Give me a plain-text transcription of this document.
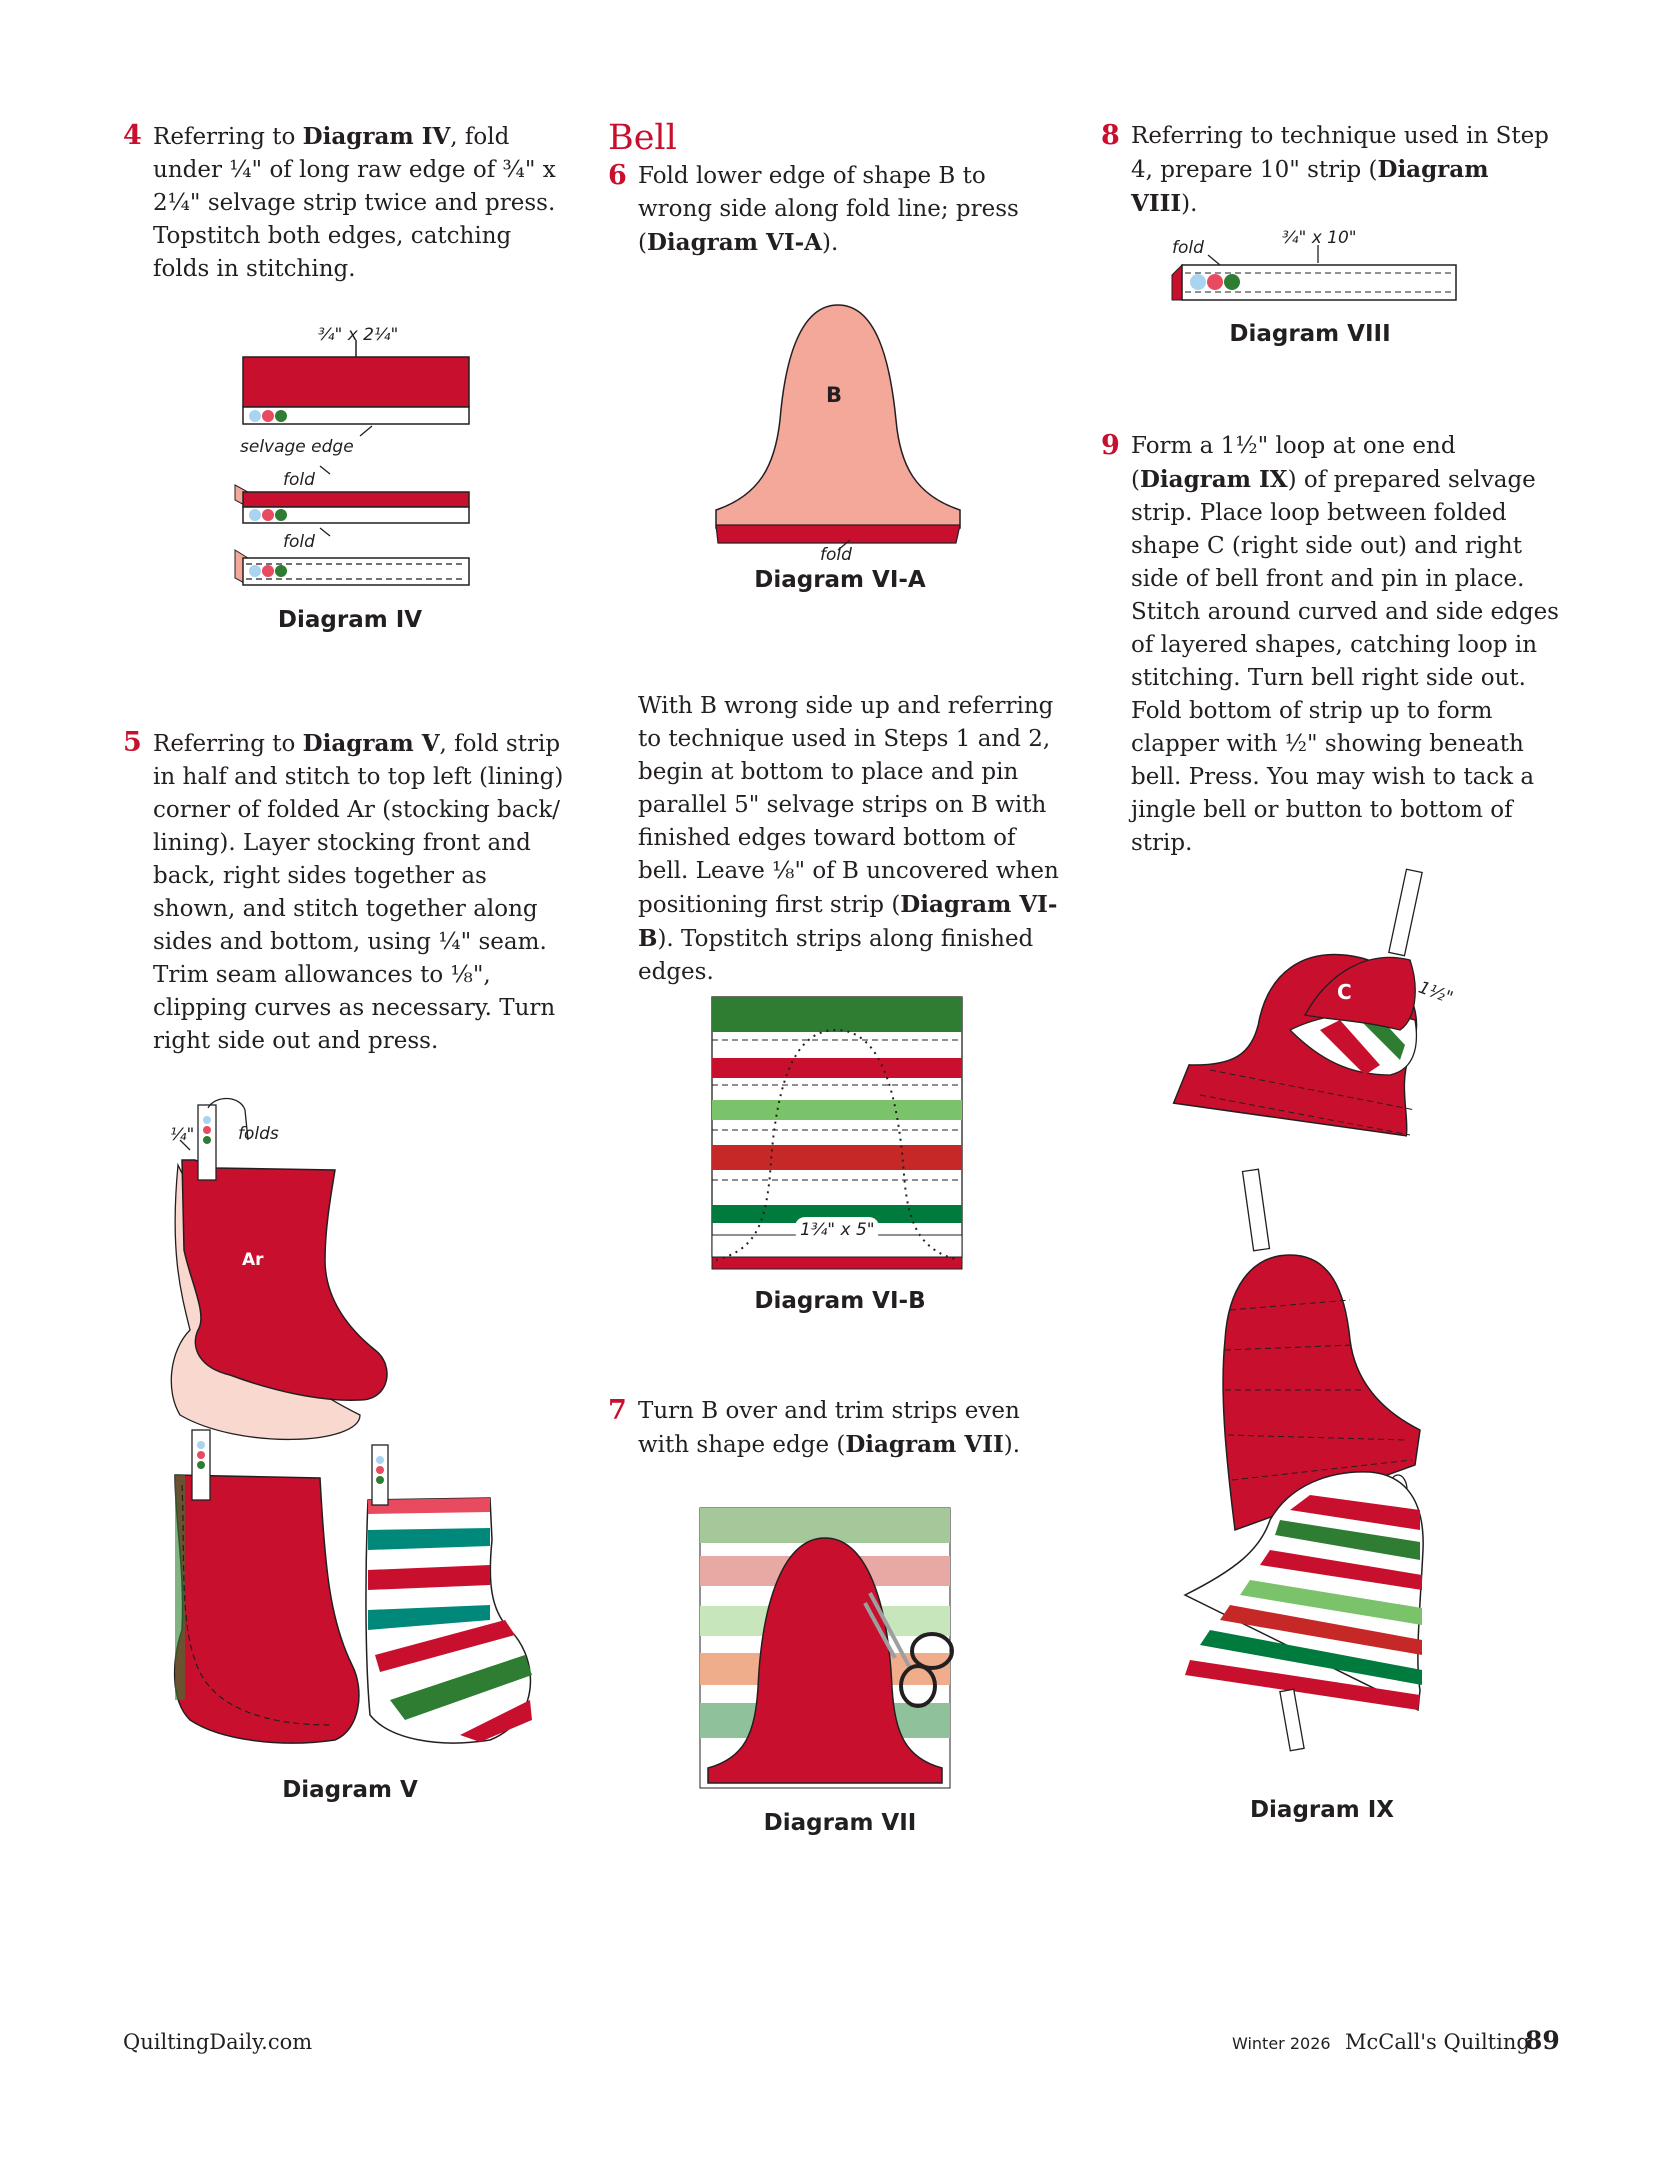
4 Referring to Diagram IV, fold under ¼" of long raw edge of ¾" x 2¼" selvage strip twice and press. Topstitch both edges, catching folds in stitching.

¾" x 2¼"
selvage edge
fold
fold
Diagram IV
5 Referring to Diagram V, fold strip in half and stitch to top left (lining) corner of folded Ar (stocking back/ lining). Layer stocking front and back, right sides together as shown, and stitch together along sides and bottom, using ¼" seam. Trim seam allowances to ⅛", clipping curves as necessary. Turn right side out and press.

¼"	folds
Ar
Diagram V
Bell
6 Fold lower edge of shape B to wrong side along fold line; press (Diagram VI-A).

B
fold
Diagram VI-A

With B wrong side up and referring to technique used in Steps 1 and 2, begin at bottom to place and pin parallel 5" selvage strips on B with finished edges toward bottom of bell. Leave ⅛" of B uncovered when positioning first strip (Diagram VI-B). Topstitch strips along finished edges.

1¾" x 5"
Diagram VI-B
7 Turn B over and trim strips even with shape edge (Diagram VII).

Diagram VII
8 Referring to technique used in Step 4, prepare 10" strip (Diagram VIII).

fold	¾" x 10"
Diagram VIII
9 Form a 1½" loop at one end (Diagram IX) of prepared selvage strip. Place loop between folded shape C (right side out) and right side of bell front and pin in place. Stitch around curved and side edges of layered shapes, catching loop in stitching. Turn bell right side out. Fold bottom of strip up to form clapper with ½" showing beneath bell. Press. You may wish to tack a jingle bell or button to bottom of strip.

C	1½"
Diagram IX
QuiltingDaily.com	Winter 2026 McCall's Quilting
89
